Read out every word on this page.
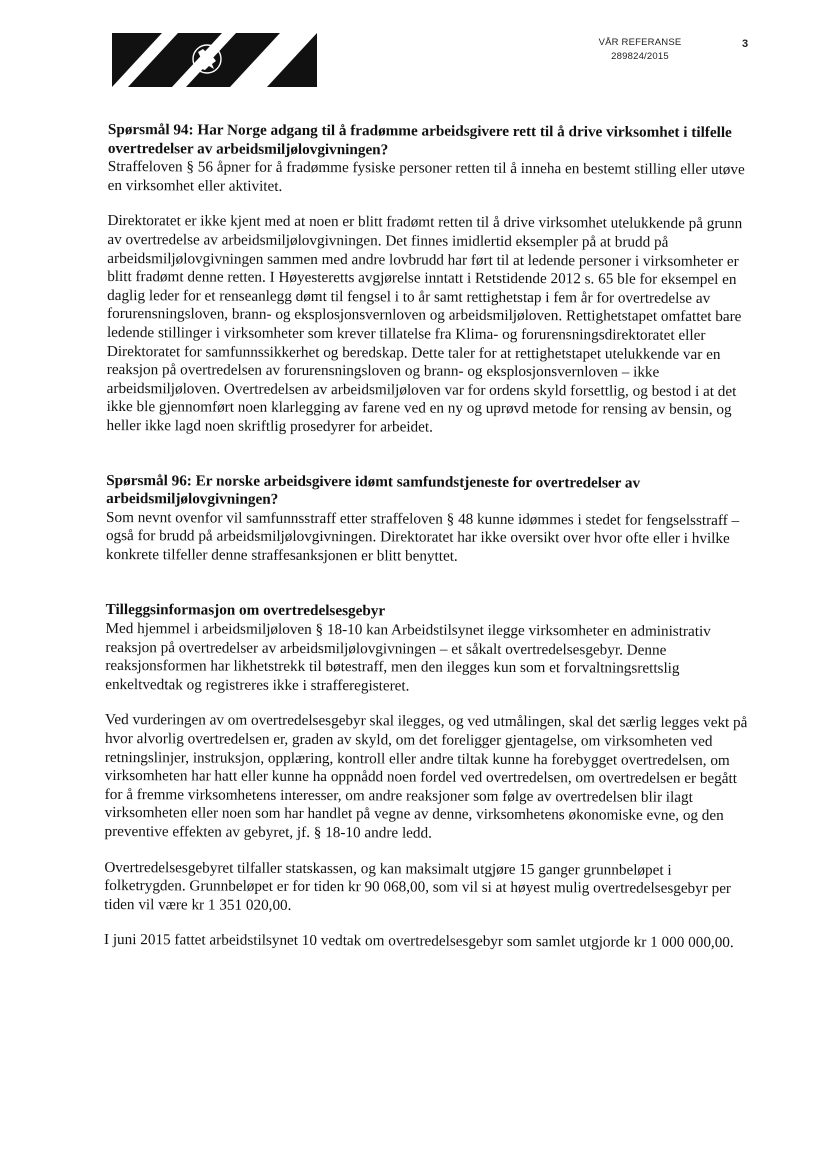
VÅR REFERANSE
289824/2015
3

Spørsmål 94: Har Norge adgang til å fradømme arbeidsgivere rett til å drive virksomhet i tilfelle overtredelser av arbeidsmiljølovgivningen?

Straffeloven § 56 åpner for å fradømme fysiske personer retten til å inneha en bestemt stilling eller utøve en virksomhet eller aktivitet.

Direktoratet er ikke kjent med at noen er blitt fradømt retten til å drive virksomhet utelukkende på grunn av overtredelse av arbeidsmiljølovgivningen. Det finnes imidlertid eksempler på at brudd på arbeidsmiljølovgivningen sammen med andre lovbrudd har ført til at ledende personer i virksomheter er blitt fradømt denne retten. I Høyesteretts avgjørelse inntatt i Retstidende 2012 s. 65 ble for eksempel en daglig leder for et renseanlegg dømt til fengsel i to år samt rettighetstap i fem år for overtredelse av forurensningsloven, brann- og eksplosjonsvernloven og arbeidsmiljøloven. Rettighetstapet omfattet bare ledende stillinger i virksomheter som krever tillatelse fra Klima- og forurensningsdirektoratet eller Direktoratet for samfunnssikkerhet og beredskap. Dette taler for at rettighetstapet utelukkende var en reaksjon på overtredelsen av forurensningsloven og brann- og eksplosjonsvernloven – ikke arbeidsmiljøloven. Overtredelsen av arbeidsmiljøloven var for ordens skyld forsettlig, og bestod i at det ikke ble gjennomført noen klarlegging av farene ved en ny og uprøvd metode for rensing av bensin, og heller ikke lagd noen skriftlig prosedyrer for arbeidet.

Spørsmål 96: Er norske arbeidsgivere idømt samfundstjeneste for overtredelser av arbeidsmiljølovgivningen?

Som nevnt ovenfor vil samfunnsstraff etter straffeloven § 48 kunne idømmes i stedet for fengselsstraff – også for brudd på arbeidsmiljølovgivningen. Direktoratet har ikke oversikt over hvor ofte eller i hvilke konkrete tilfeller denne straffesanksjonen er blitt benyttet.

Tilleggsinformasjon om overtredelsesgebyr

Med hjemmel i arbeidsmiljøloven § 18-10 kan Arbeidstilsynet ilegge virksomheter en administrativ reaksjon på overtredelser av arbeidsmiljølovgivningen – et såkalt overtredelsesgebyr. Denne reaksjonsformen har likhetstrekk til bøtestraff, men den ilegges kun som et forvaltningsrettslig enkeltvedtak og registreres ikke i strafferegisteret.

Ved vurderingen av om overtredelsesgebyr skal ilegges, og ved utmålingen, skal det særlig legges vekt på hvor alvorlig overtredelsen er, graden av skyld, om det foreligger gjentagelse, om virksomheten ved retningslinjer, instruksjon, opplæring, kontroll eller andre tiltak kunne ha forebygget overtredelsen, om virksomheten har hatt eller kunne ha oppnådd noen fordel ved overtredelsen, om overtredelsen er begått for å fremme virksomhetens interesser, om andre reaksjoner som følge av overtredelsen blir ilagt virksomheten eller noen som har handlet på vegne av denne, virksomhetens økonomiske evne, og den preventive effekten av gebyret, jf. § 18-10 andre ledd.

Overtredelsesgebyret tilfaller statskassen, og kan maksimalt utgjøre 15 ganger grunnbeløpet i folketrygden. Grunnbeløpet er for tiden kr 90 068,00, som vil si at høyest mulig overtredelsesgebyr per tiden vil være kr 1 351 020,00.

I juni 2015 fattet arbeidstilsynet 10 vedtak om overtredelsesgebyr som samlet utgjorde kr 1 000 000,00.
